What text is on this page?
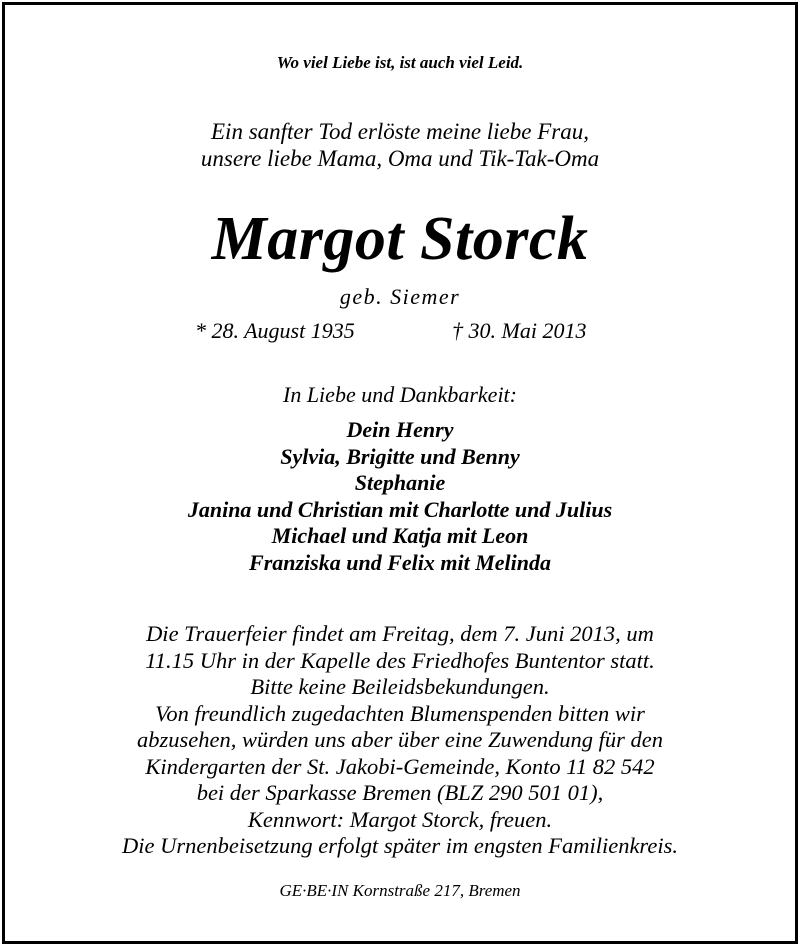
Wo viel Liebe ist, ist auch viel Leid.
Ein sanfter Tod erlöste meine liebe Frau,
unsere liebe Mama, Oma und Tik-Tak-Oma
Margot Storck
geb. Siemer
* 28. August 1935	† 30. Mai 2013
In Liebe und Dankbarkeit:
Dein Henry
Sylvia, Brigitte und Benny
Stephanie
Janina und Christian mit Charlotte und Julius
Michael und Katja mit Leon
Franziska und Felix mit Melinda
Die Trauerfeier findet am Freitag, dem 7. Juni 2013, um
11.15 Uhr in der Kapelle des Friedhofes Buntentor statt.
Bitte keine Beileidsbekundungen.
Von freundlich zugedachten Blumenspenden bitten wir
abzusehen, würden uns aber über eine Zuwendung für den
Kindergarten der St. Jakobi-Gemeinde, Konto 11 82 542
bei der Sparkasse Bremen (BLZ 290 501 01),
Kennwort: Margot Storck, freuen.
Die Urnenbeisetzung erfolgt später im engsten Familienkreis.
GE·BE·IN Kornstraße 217, Bremen
